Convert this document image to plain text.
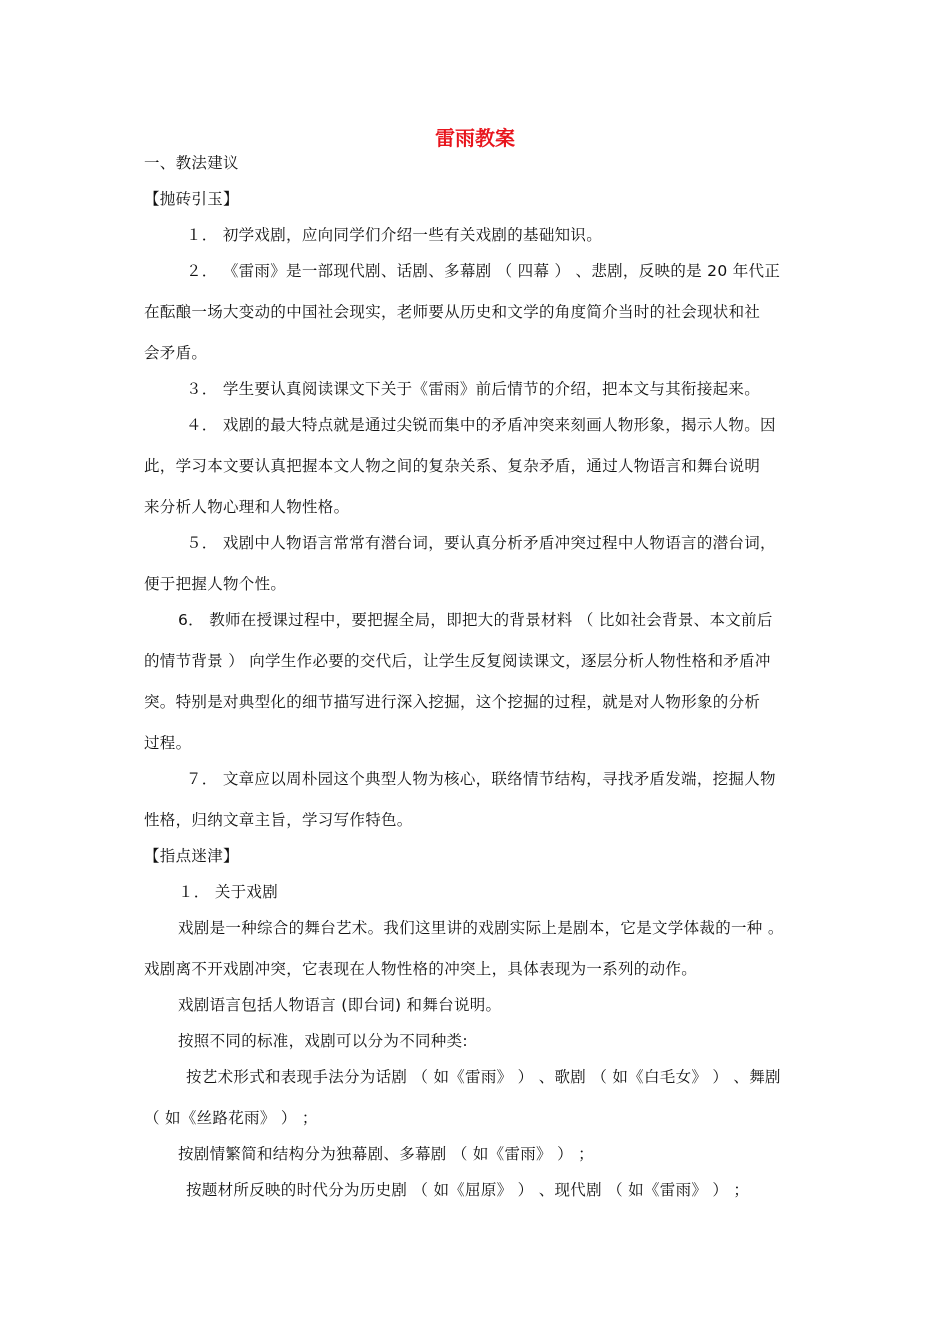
雷雨教案
一、教法建议
【抛砖引玉】
１． 初学戏剧，应向同学们介绍一些有关戏剧的基础知识。
２． 《雷雨》是一部现代剧、话剧、多幕剧 （ 四幕 ） 、悲剧，反映的是 20 年代正
在酝酿一场大变动的中国社会现实，老师要从历史和文学的角度简介当时的社会现状和社
会矛盾。
３． 学生要认真阅读课文下关于《雷雨》前后情节的介绍，把本文与其衔接起来。
４． 戏剧的最大特点就是通过尖锐而集中的矛盾冲突来刻画人物形象，揭示人物。因
此，学习本文要认真把握本文人物之间的复杂关系、复杂矛盾，通过人物语言和舞台说明
来分析人物心理和人物性格。
５． 戏剧中人物语言常常有潜台词，要认真分析矛盾冲突过程中人物语言的潜台词，
便于把握人物个性。
6． 教师在授课过程中，要把握全局，即把大的背景材料 （ 比如社会背景、本文前后
的情节背景 ） 向学生作必要的交代后，让学生反复阅读课文，逐层分析人物性格和矛盾冲
突。特别是对典型化的细节描写进行深入挖掘，这个挖掘的过程，就是对人物形象的分析
过程。
７． 文章应以周朴园这个典型人物为核心，联络情节结构，寻找矛盾发端，挖掘人物
性格，归纳文章主旨，学习写作特色。
【指点迷津】
１． 关于戏剧
戏剧是一种综合的舞台艺术。我们这里讲的戏剧实际上是剧本，它是文学体裁的一种 。
戏剧离不开戏剧冲突，它表现在人物性格的冲突上，具体表现为一系列的动作。
戏剧语言包括人物语言 (即台词) 和舞台说明。
按照不同的标准，戏剧可以分为不同种类:
按艺术形式和表现手法分为话剧 （ 如《雷雨》 ） 、歌剧 （ 如《白毛女》 ） 、舞剧
（ 如《丝路花雨》 ） ；
按剧情繁简和结构分为独幕剧、多幕剧 （ 如《雷雨》 ） ；
按题材所反映的时代分为历史剧 （ 如《屈原》 ） 、现代剧 （ 如《雷雨》 ） ；
